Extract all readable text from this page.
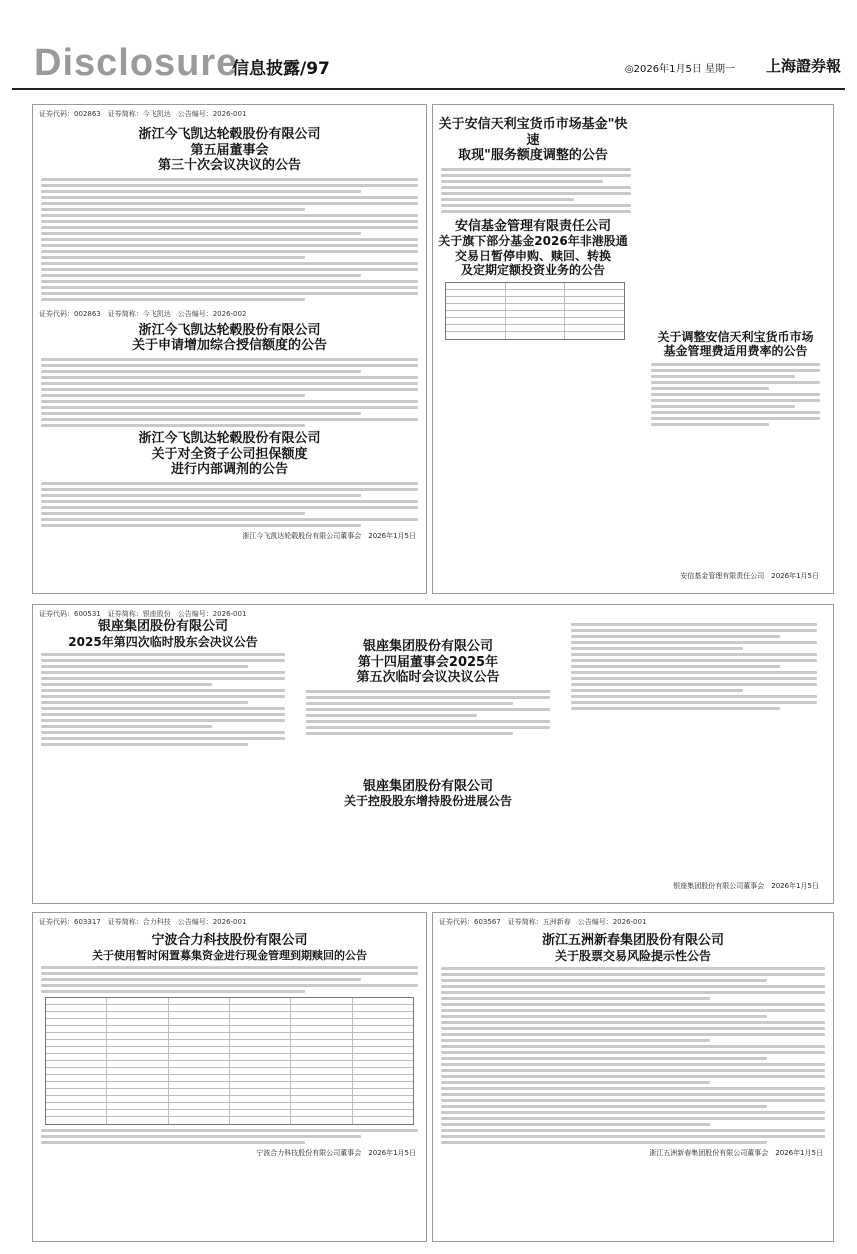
Disclosure
信息披露/97	◎2026年1月5日 星期一 上海證券報
证券代码：002863　证券简称：今飞凯达　公告编号：2026-001
浙江今飞凯达轮毂股份有限公司
第五届董事会
第三十次会议决议的公告
证券代码：002863　证券简称：今飞凯达　公告编号：2026-002
浙江今飞凯达轮毂股份有限公司
关于申请增加综合授信额度的公告
浙江今飞凯达轮毂股份有限公司
关于对全资子公司担保额度
进行内部调剂的公告
浙江今飞凯达轮毂股份有限公司董事会　2026年1月5日
关于安信天利宝货币市场基金"快速
取现"服务额度调整的公告
安信基金管理有限责任公司
关于旗下部分基金2026年非港股通
交易日暂停申购、赎回、转换
及定期定额投资业务的公告
关于调整安信天利宝货币市场
基金管理费适用费率的公告
安信基金管理有限责任公司　2026年1月5日
证券代码：600531　证券简称：银座股份　公告编号：2026-001
银座集团股份有限公司
2025年第四次临时股东会决议公告	银座集团股份有限公司
第十四届董事会2025年
第五次临时会议决议公告
银座集团股份有限公司
关于控股股东增持股份进展公告
银座集团股份有限公司董事会　2026年1月5日
证券代码：603317　证券简称：合力科技　公告编号：2026-001
宁波合力科技股份有限公司
关于使用暂时闲置募集资金进行现金管理到期赎回的公告
宁波合力科技股份有限公司董事会　2026年1月5日
证券代码：603567　证券简称：五洲新春　公告编号：2026-001
浙江五洲新春集团股份有限公司
关于股票交易风险提示性公告
浙江五洲新春集团股份有限公司董事会　2026年1月5日
